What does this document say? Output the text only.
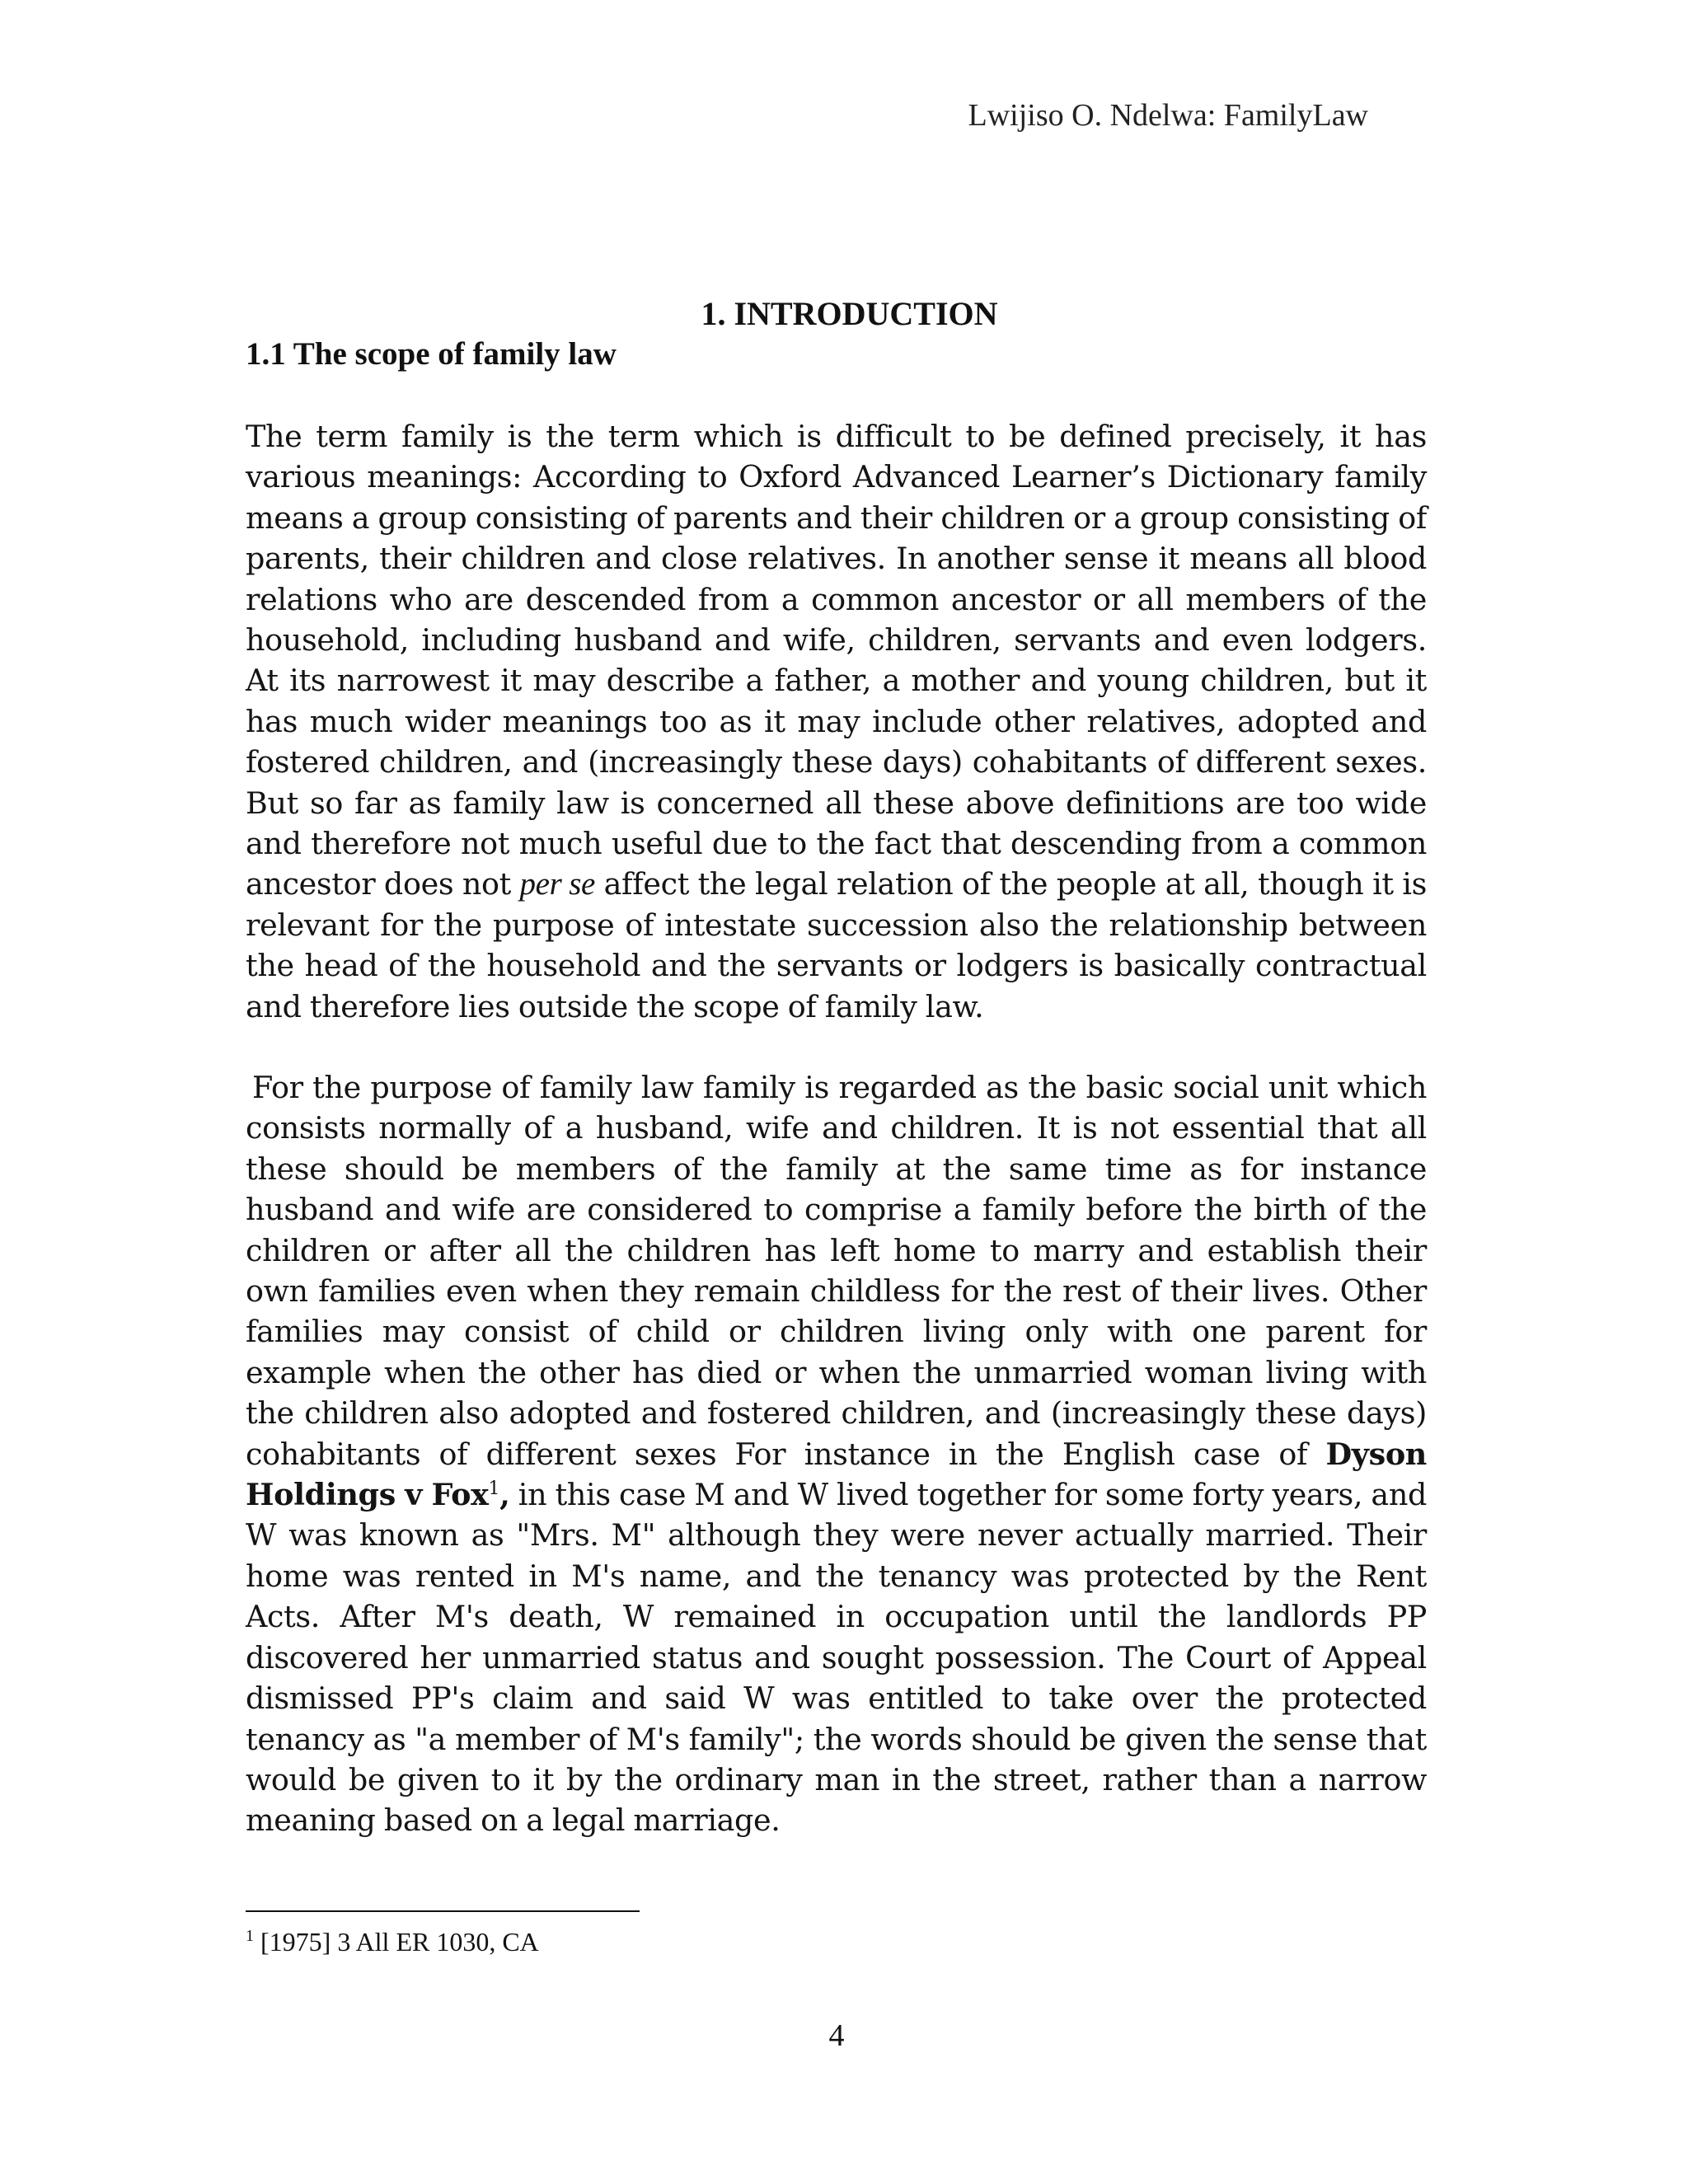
Lwijiso O. Ndelwa: FamilyLaw
1. INTRODUCTION
1.1 The scope of family law

The term family is the term which is difficult to be defined precisely, it has various meanings: According to Oxford Advanced Learner’s Dictionary family means a group consisting of parents and their children or a group consisting of parents, their children and close relatives. In another sense it means all blood relations who are descended from a common ancestor or all members of the household, including husband and wife, children, servants and even lodgers. At its narrowest it may describe a father, a mother and young children, but it has much wider meanings too as it may include other relatives, adopted and fostered children, and (increasingly these days) cohabitants of different sexes. But so far as family law is concerned all these above definitions are too wide and therefore not much useful due to the fact that descending from a common ancestor does not per se affect the legal relation of the people at all, though it is relevant for the purpose of intestate succession also the relationship between the head of the household and the servants or lodgers is basically contractual and therefore lies outside the scope of family law.

For the purpose of family law family is regarded as the basic social unit which consists normally of a husband, wife and children. It is not essential that all these should be members of the family at the same time as for instance husband and wife are considered to comprise a family before the birth of the children or after all the children has left home to marry and establish their own families even when they remain childless for the rest of their lives. Other families may consist of child or children living only with one parent for example when the other has died or when the unmarried woman living with the children also adopted and fostered children, and (increasingly these days) cohabitants of different sexes For instance in the English case of Dyson Holdings v Fox$^1$, in this case M and W lived together for some forty years, and W was known as "Mrs. M" although they were never actually married. Their home was rented in M's name, and the tenancy was protected by the Rent Acts. After M's death, W remained in occupation until the landlords PP discovered her unmarried status and sought possession. The Court of Appeal dismissed PP's claim and said W was entitled to take over the protected tenancy as "a member of M's family"; the words should be given the sense that would be given to it by the ordinary man in the street, rather than a narrow meaning based on a legal marriage.

$^1$ [1975] 3 All ER 1030, CA
4
